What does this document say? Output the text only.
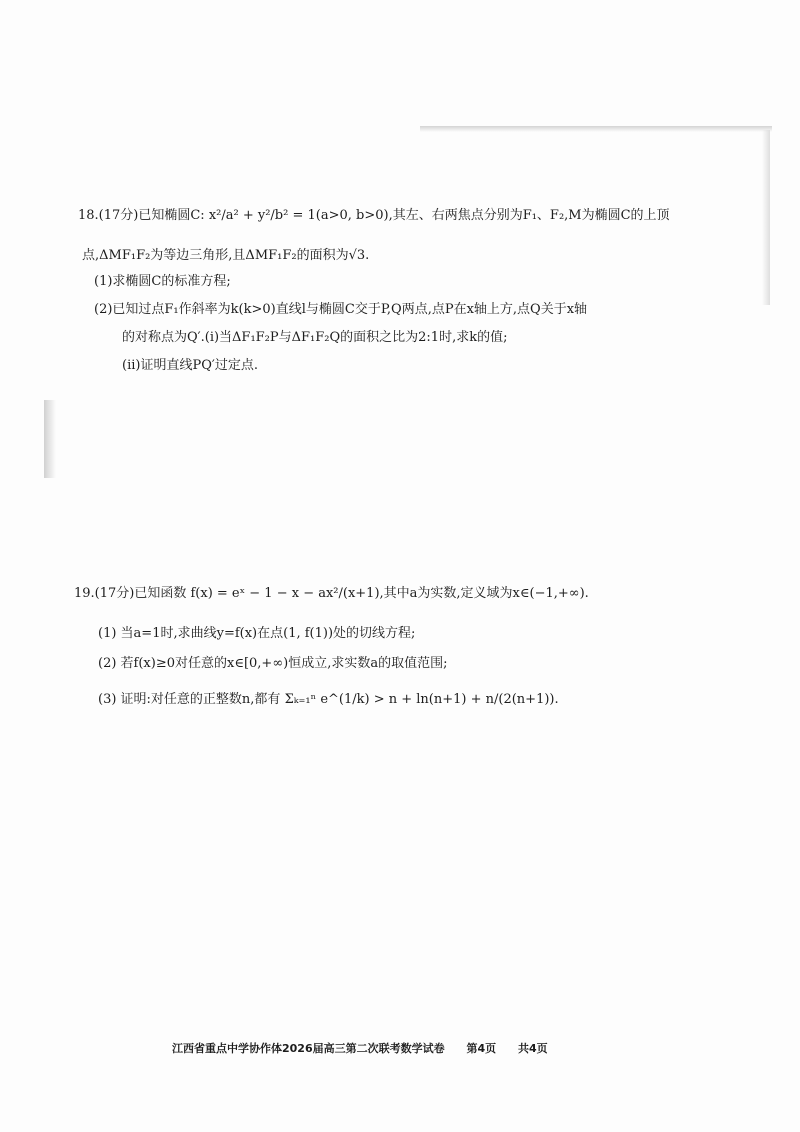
18.(17分)已知椭圆C: x²/a² + y²/b² = 1(a>0, b>0),其左、右两焦点分别为F₁、F₂,M为椭圆C的上顶
点,ΔMF₁F₂为等边三角形,且ΔMF₁F₂的面积为√3.
(1)求椭圆C的标准方程;
(2)已知过点F₁作斜率为k(k>0)直线l与椭圆C交于P,Q两点,点P在x轴上方,点Q关于x轴
的对称点为Q′.(i)当ΔF₁F₂P与ΔF₁F₂Q的面积之比为2:1时,求k的值;
(ii)证明直线PQ′过定点.
19.(17分)已知函数 f(x) = eˣ − 1 − x − ax²/(x+1),其中a为实数,定义域为x∈(−1,+∞).
(1) 当a=1时,求曲线y=f(x)在点(1, f(1))处的切线方程;
(2) 若f(x)≥0对任意的x∈[0,+∞)恒成立,求实数a的取值范围;
(3) 证明:对任意的正整数n,都有 Σₖ₌₁ⁿ e^(1/k) > n + ln(n+1) + n/(2(n+1)).
江西省重点中学协作体2026届高三第二次联考数学试卷 第4页 共4页
